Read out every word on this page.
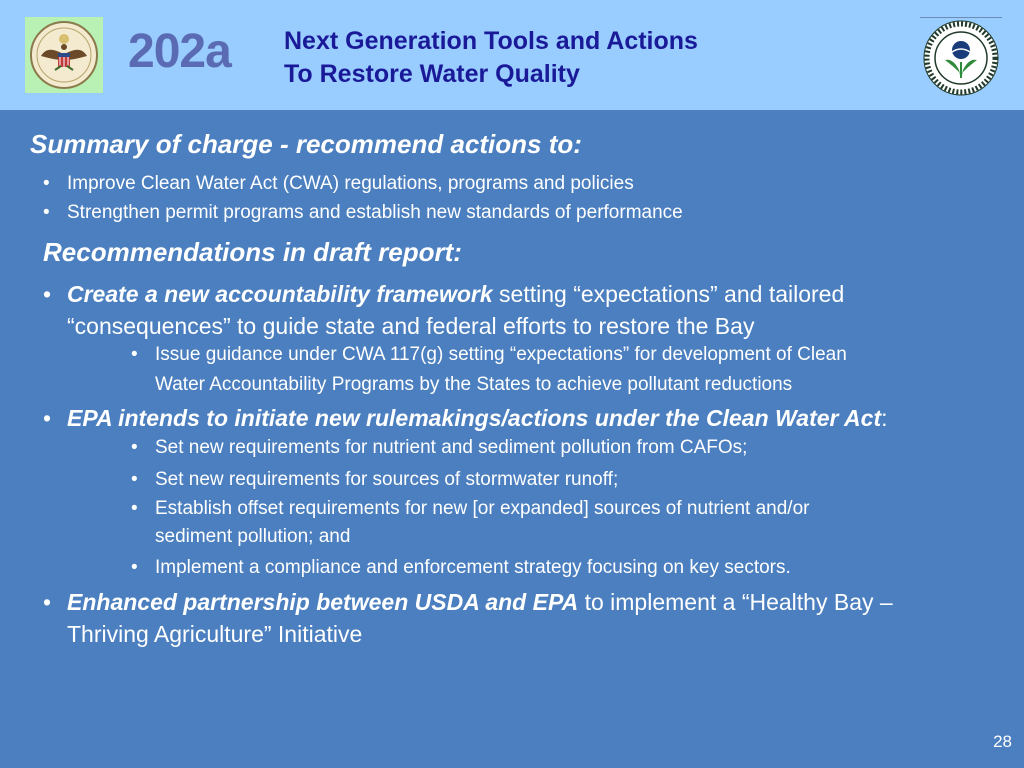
202a Next Generation Tools and Actions
To Restore Water Quality
Summary of charge - recommend actions to:
• Improve Clean Water Act (CWA) regulations, programs and policies
• Strengthen permit programs and establish new standards of performance
Recommendations in draft report:
• Create a new accountability framework setting “expectations” and tailored
“consequences” to guide state and federal efforts to restore the Bay
• Issue guidance under CWA 117(g) setting “expectations” for development of Clean
Water Accountability Programs by the States to achieve pollutant reductions
• EPA intends to initiate new rulemakings/actions under the Clean Water Act:
• Set new requirements for nutrient and sediment pollution from CAFOs;
• Set new requirements for sources of stormwater runoff;
• Establish offset requirements for new [or expanded] sources of nutrient and/or
sediment pollution; and
• Implement a compliance and enforcement strategy focusing on key sectors.
• Enhanced partnership between USDA and EPA to implement a “Healthy Bay –
Thriving Agriculture” Initiative
28
